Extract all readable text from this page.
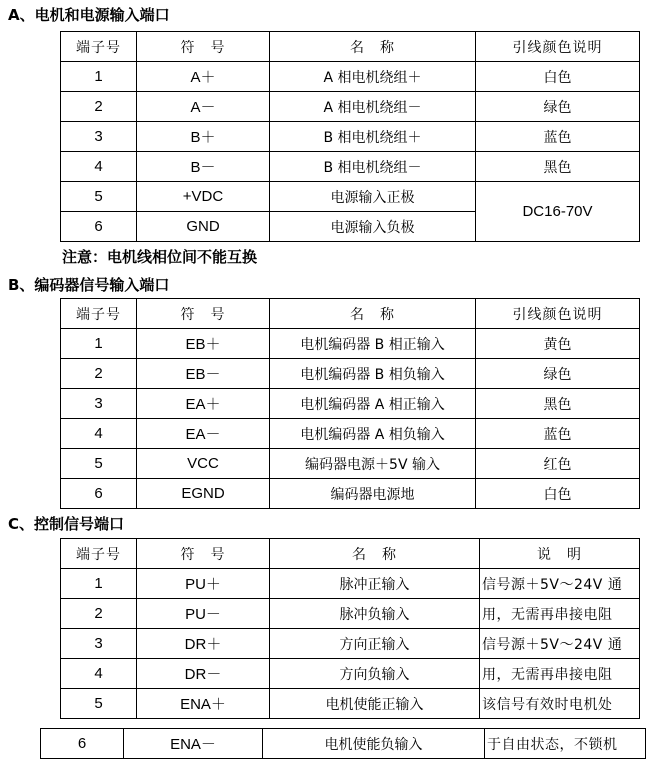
A、电机和电源输入端口
端子号	符　号	名　称	引线颜色说明
1	A＋	A 相电机绕组＋	白色
2	A－	A 相电机绕组－	绿色
3	B＋	B 相电机绕组＋	蓝色
4	B－	B 相电机绕组－	黑色
5	+VDC	电源输入正极	DC16-70V
6	GND	电源输入负极	
注意：电机线相位间不能互换
B、编码器信号输入端口
端子号	符　号	名　称	引线颜色说明
1	EB＋	电机编码器 B 相正输入	黄色
2	EB－	电机编码器 B 相负输入	绿色
3	EA＋	电机编码器 A 相正输入	黑色
4	EA－	电机编码器 A 相负输入	蓝色
5	VCC	编码器电源＋5V 输入	红色
6	EGND	编码器电源地	白色
C、控制信号端口
端子号	符　号	名　称	说　明
1	PU＋	脉冲正输入	信号源＋5V～24V 通
2	PU－	脉冲负输入	用，无需再串接电阻
3	DR＋	方向正输入	信号源＋5V～24V 通
4	DR－	方向负输入	用，无需再串接电阻
5	ENA＋	电机使能正输入	该信号有效时电机处
6	ENA－	电机使能负输入	于自由状态，不锁机
